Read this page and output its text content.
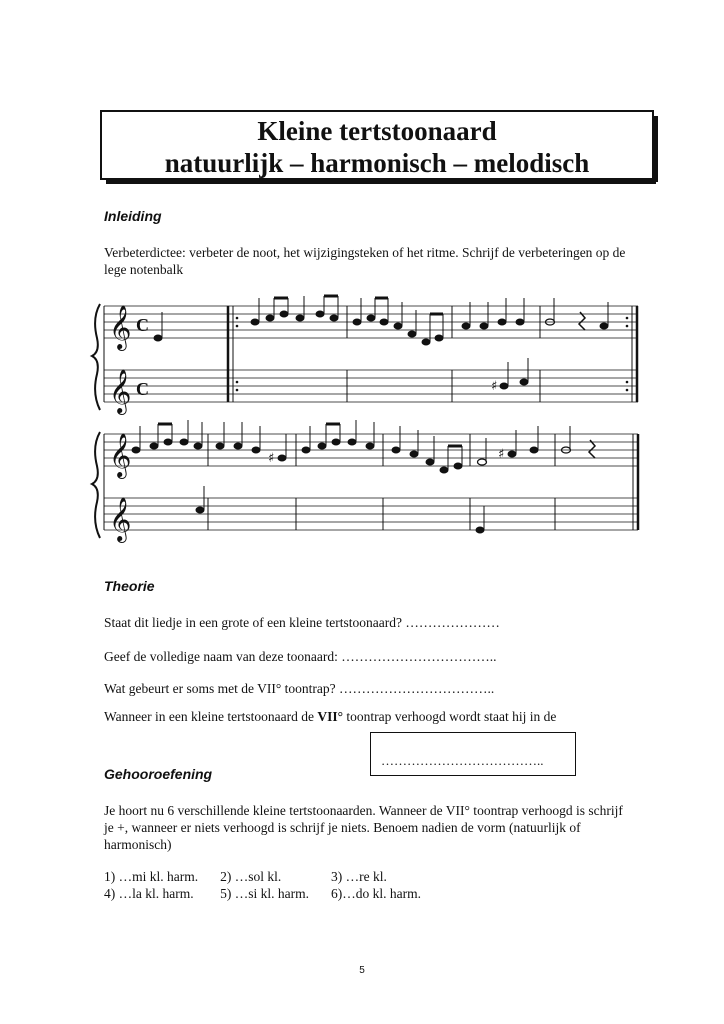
Kleine tertstoonaard
natuurlijk – harmonisch – melodisch
Inleiding
Verbeterdictee: verbeter de noot, het wijzigingsteken of het ritme. Schrijf de verbeteringen op de lege notenbalk
𝄞
𝄞
C
C	♯
𝄞
𝄞
♯	♯
Theorie
Staat dit liedje in een grote of een kleine tertstoonaard? …………………
Geef de volledige naam van deze toonaard: ……………………………..
Wat gebeurt er soms met de VII° toontrap? ……………………………..
Wanneer in een kleine tertstoonaard de VII° toontrap verhoogd wordt staat hij in de
………………………………..
Gehooroefening
Je hoort nu 6 verschillende kleine tertstoonaarden. Wanneer de VII° toontrap verhoogd is schrijf je +, wanneer er niets verhoogd is schrijf je niets. Benoem nadien de vorm (natuurlijk of harmonisch)
1) …mi kl. harm.	2) …sol kl.	3) …re kl.
4) …la kl. harm.	5) …si kl. harm.	6)…do kl. harm.
5
